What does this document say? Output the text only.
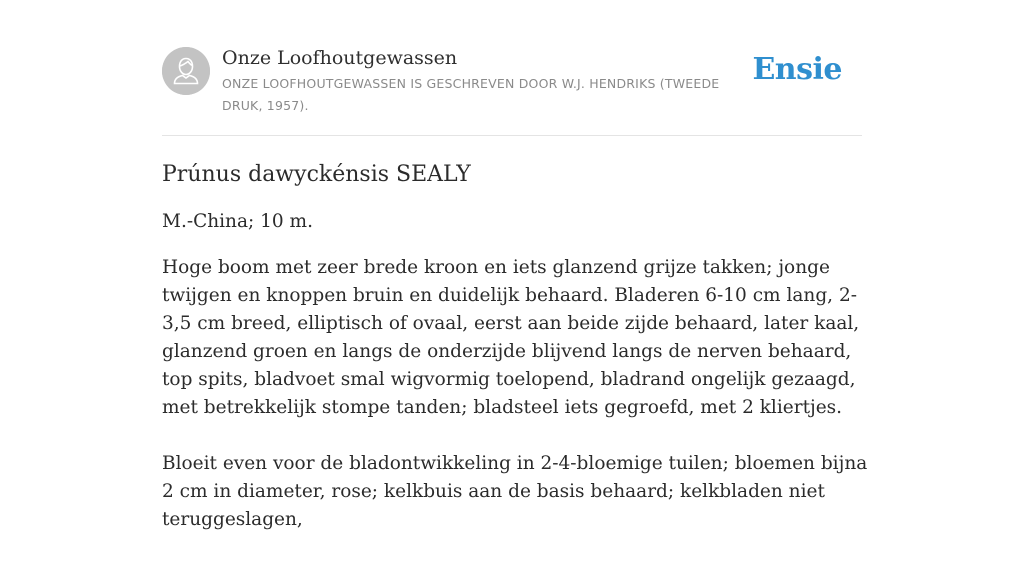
Onze Loofhoutgewassen
ONZE LOOFHOUTGEWASSEN IS GESCHREVEN DOOR W.J. HENDRIKS (TWEEDE DRUK, 1957).
Ensie
Prúnus dawyckénsis SEALY

M.-China; 10 m.

Hoge boom met zeer brede kroon en iets glanzend grijze takken; jonge twijgen en knoppen bruin en duidelijk behaard. Bladeren 6-10 cm lang, 2-3,5 cm breed, elliptisch of ovaal, eerst aan beide zijde behaard, later kaal, glanzend groen en langs de onderzijde blijvend langs de nerven behaard, top spits, bladvoet smal wigvormig toelopend, bladrand ongelijk gezaagd, met betrekkelijk stompe tanden; bladsteel iets gegroefd, met 2 kliertjes.

Bloeit even voor de bladontwikkeling in 2-4-bloemige tuilen; bloemen bijna 2 cm in diameter, rose; kelkbuis aan de basis behaard; kelkbladen niet teruggeslagen,
